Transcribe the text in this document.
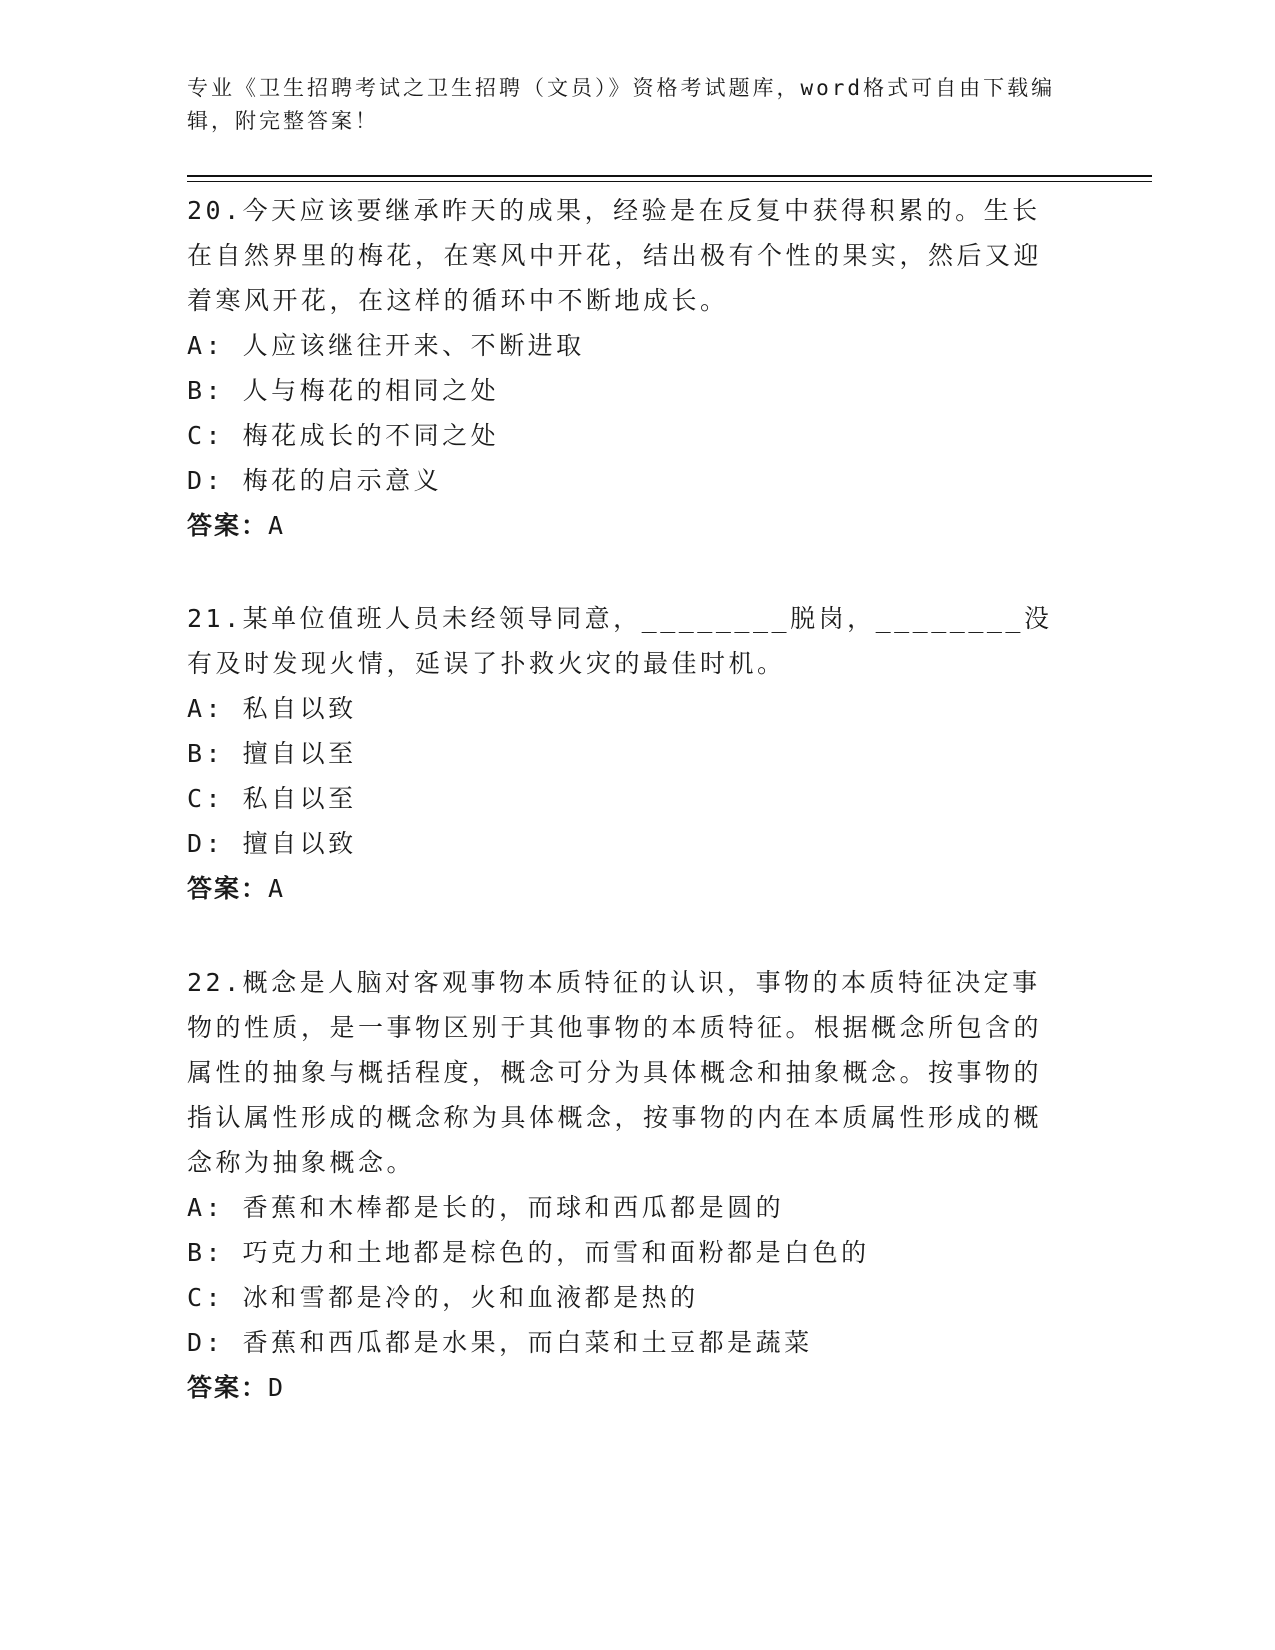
专业《卫生招聘考试之卫生招聘（文员）》资格考试题库，word格式可自由下载编辑，附完整答案！

20.今天应该要继承昨天的成果，经验是在反复中获得积累的。生长在自然界里的梅花，在寒风中开花，结出极有个性的果实，然后又迎着寒风开花，在这样的循环中不断地成长。

A: 人应该继往开来、不断进取

B: 人与梅花的相同之处

C: 梅花成长的不同之处

D: 梅花的启示意义

答案：A

21.某单位值班人员未经领导同意，________脱岗，________没有及时发现火情，延误了扑救火灾的最佳时机。

A: 私自以致

B: 擅自以至

C: 私自以至

D: 擅自以致

答案：A

22.概念是人脑对客观事物本质特征的认识，事物的本质特征决定事物的性质，是一事物区别于其他事物的本质特征。根据概念所包含的属性的抽象与概括程度，概念可分为具体概念和抽象概念。按事物的指认属性形成的概念称为具体概念，按事物的内在本质属性形成的概念称为抽象概念。

A: 香蕉和木棒都是长的，而球和西瓜都是圆的

B: 巧克力和土地都是棕色的，而雪和面粉都是白色的

C: 冰和雪都是冷的，火和血液都是热的

D: 香蕉和西瓜都是水果，而白菜和土豆都是蔬菜

答案：D
